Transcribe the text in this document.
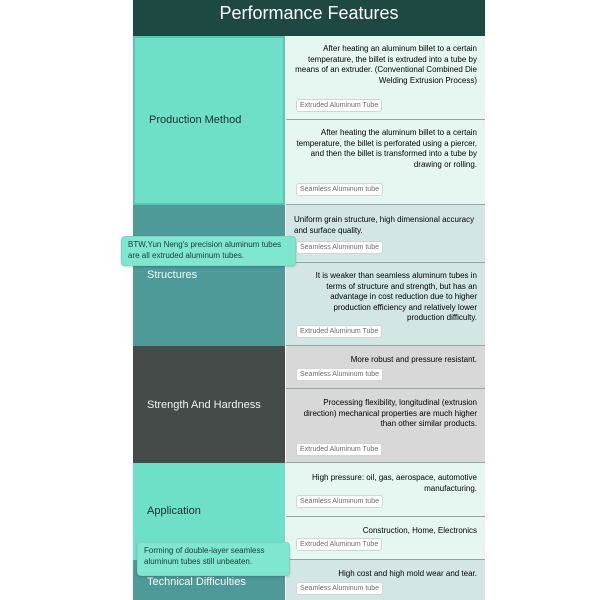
Performance Features
Production Method
After heating an aluminum billet to a certain temperature, the billet is extruded into a tube by means of an extruder. (Conventional Combined Die Welding Extrusion Process)
Extruded Aluminum Tube
After heating the aluminum billet to a certain temperature, the billet is perforated using a piercer, and then the billet is transformed into a tube by drawing or rolling.
Seamless Aluminum tube
Structures
Uniform grain structure, high dimensional accuracy and surface quality.
Seamless Aluminum tube
It is weaker than seamless aluminum tubes in terms of structure and strength, but has an advantage in cost reduction due to higher production efficiency and relatively lower production difficulty.
Extruded Aluminum Tube
Strength And Hardness
More robust and pressure resistant.
Seamless Aluminum tube
Processing flexibility, longitudinal (extrusion direction) mechanical properties are much higher than other similar products.
Extruded Aluminum Tube
Application
High pressure: oil, gas, aerospace, automotive manufacturing.
Seamless Aluminum tube
Construction, Home, Electronics
Extruded Aluminum Tube
Technical Difficulties
High cost and high mold wear and tear.
Seamless Aluminum tube
BTW,Yun Neng's precision aluminum tubes are all extruded aluminum tubes.
Forming of double-layer seamless aluminum tubes still unbeaten.
